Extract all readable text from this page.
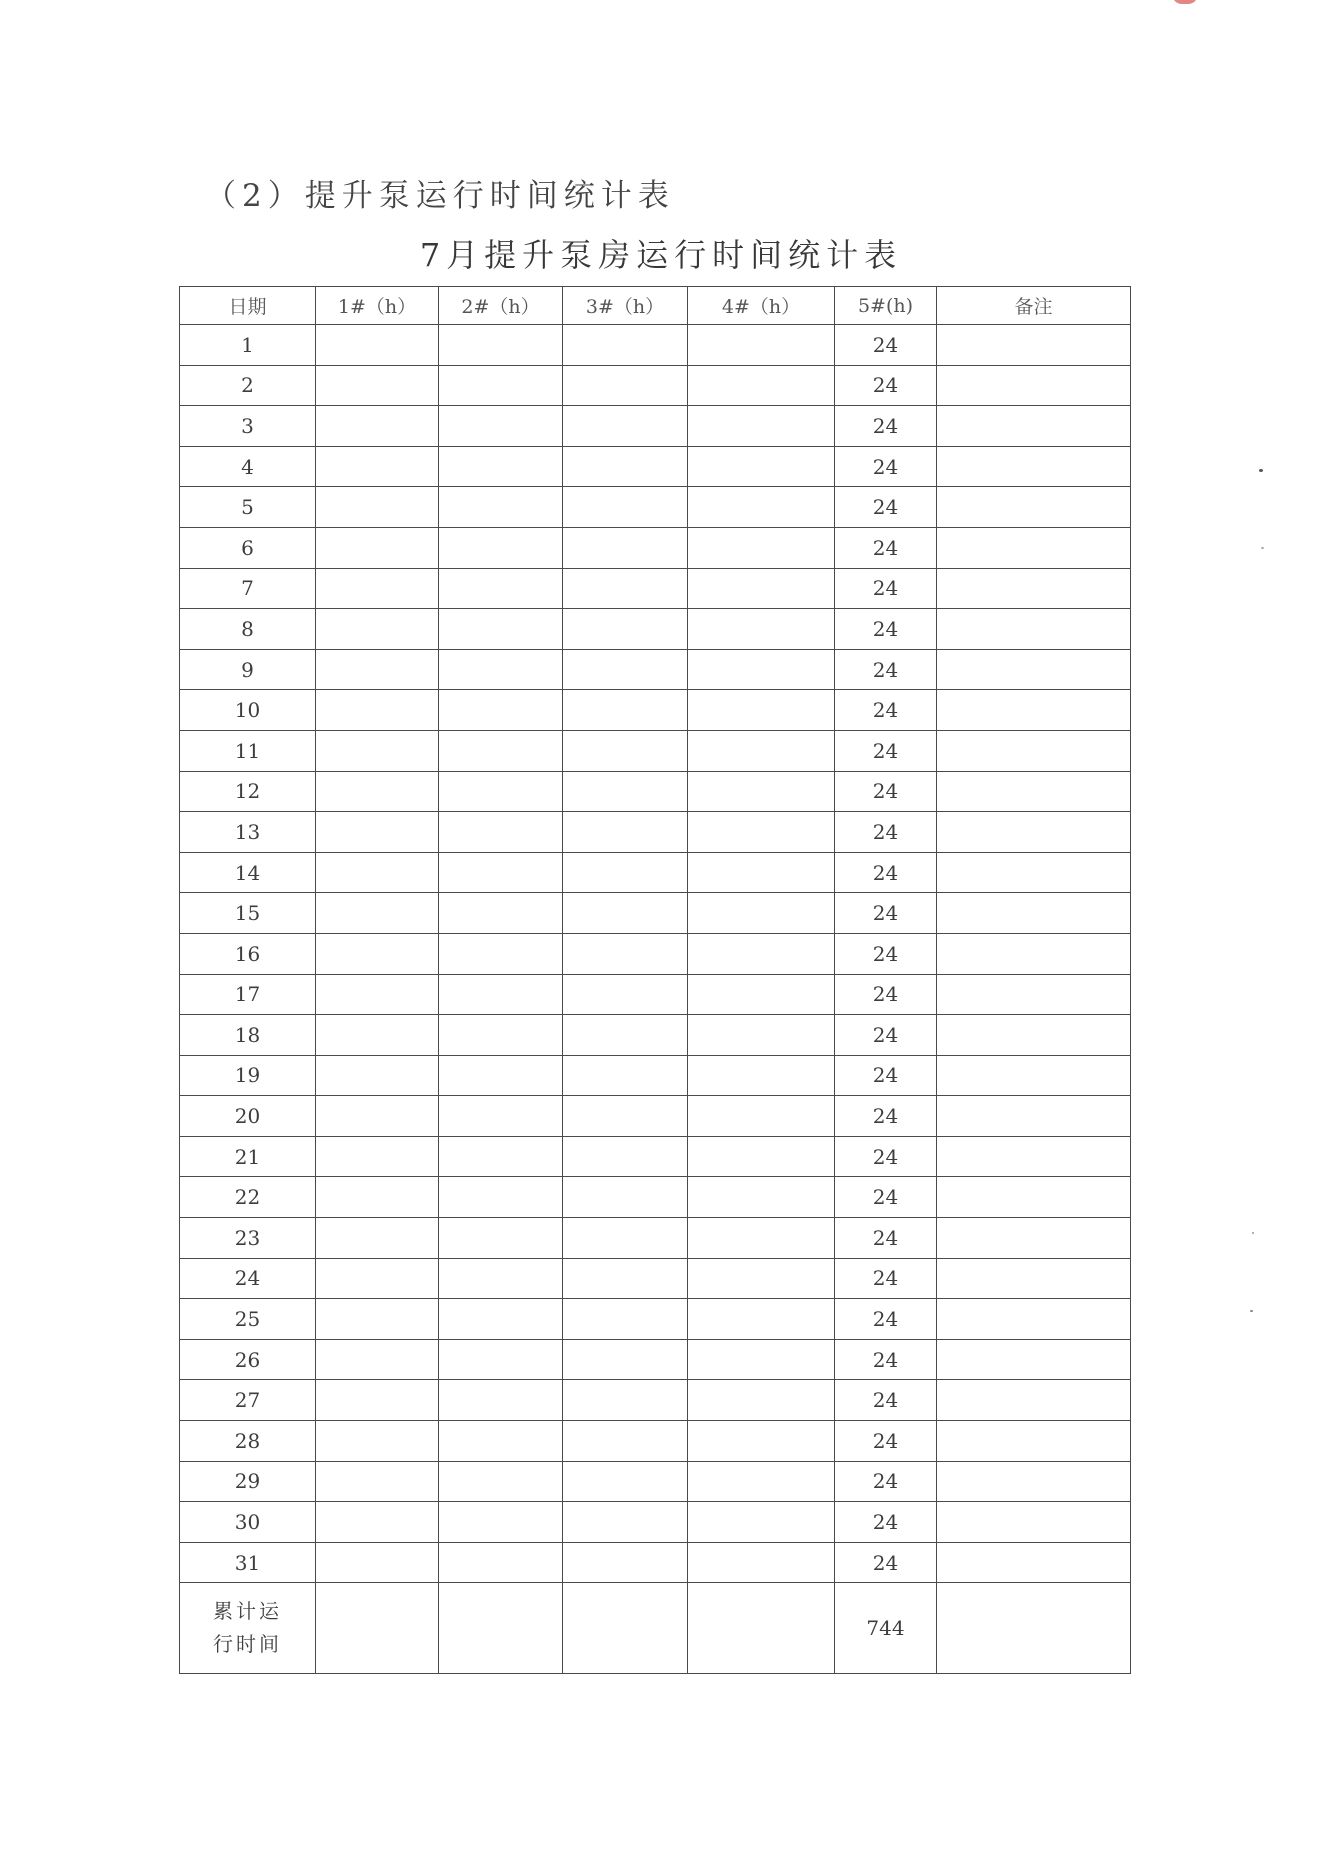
（2）提升泵运行时间统计表
7月提升泵房运行时间统计表
日期	1#（h）	2#（h）	3#（h）	4#（h）	5#(h)	备注
1					24	
2					24	
3					24	
4					24	
5					24	
6					24	
7					24	
8					24	
9					24	
10					24	
11					24	
12					24	
13					24	
14					24	
15					24	
16					24	
17					24	
18					24	
19					24	
20					24	
21					24	
22					24	
23					24	
24					24	
25					24	
26					24	
27					24	
28					24	
29					24	
30					24	
31					24	
累计运行时间					744	
